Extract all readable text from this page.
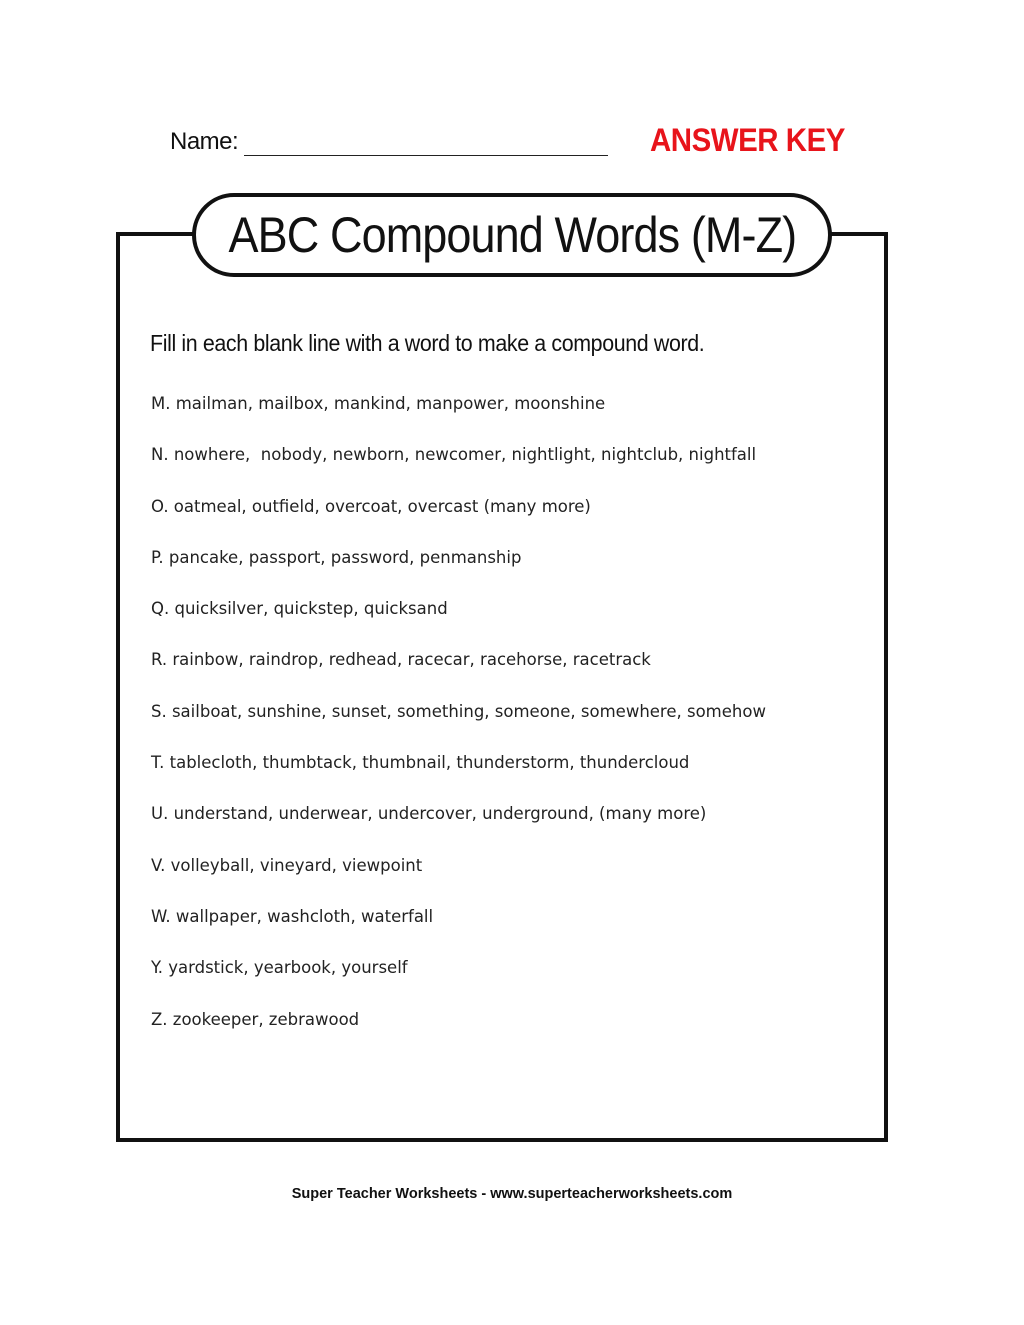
Name:	ANSWER KEY
ABC Compound Words (M-Z)
Fill in each blank line with a word to make a compound word.
M. mailman, mailbox, mankind, manpower, moonshine
N. nowhere,  nobody, newborn, newcomer, nightlight, nightclub, nightfall
O. oatmeal, outfield, overcoat, overcast (many more)
P. pancake, passport, password, penmanship
Q. quicksilver, quickstep, quicksand
R. rainbow, raindrop, redhead, racecar, racehorse, racetrack
S. sailboat, sunshine, sunset, something, someone, somewhere, somehow
T. tablecloth, thumbtack, thumbnail, thunderstorm, thundercloud
U. understand, underwear, undercover, underground, (many more)
V. volleyball, vineyard, viewpoint
W. wallpaper, washcloth, waterfall
Y. yardstick, yearbook, yourself
Z. zookeeper, zebrawood
Super Teacher Worksheets - www.superteacherworksheets.com
